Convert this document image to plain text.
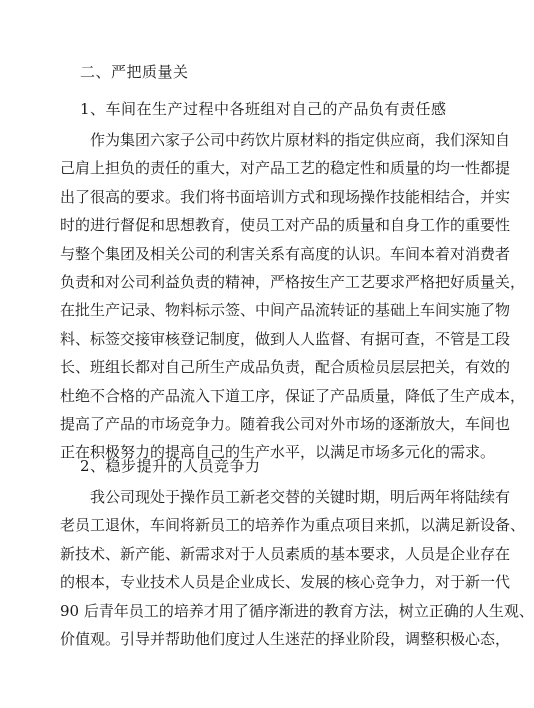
二、严把质量关
1、车间在生产过程中各班组对自己的产品负有责任感
作为集团六家子公司中药饮片原材料的指定供应商，我们深知自
己肩上担负的责任的重大，对产品工艺的稳定性和质量的均一性都提
出了很高的要求。我们将书面培训方式和现场操作技能相结合，并实
时的进行督促和思想教育，使员工对产品的质量和自身工作的重要性
与整个集团及相关公司的利害关系有高度的认识。车间本着对消费者
负责和对公司利益负责的精神，严格按生产工艺要求严格把好质量关，
在批生产记录、物料标示签、中间产品流转证的基础上车间实施了物
料、标签交接审核登记制度，做到人人监督、有据可查，不管是工段
长、班组长都对自己所生产成品负责，配合质检员层层把关，有效的
杜绝不合格的产品流入下道工序，保证了产品质量，降低了生产成本，
提高了产品的市场竞争力。随着我公司对外市场的逐渐放大，车间也
正在积极努力的提高自己的生产水平，以满足市场多元化的需求。
2、稳步提升的人员竞争力
我公司现处于操作员工新老交替的关键时期，明后两年将陆续有
老员工退休，车间将新员工的培养作为重点项目来抓，以满足新设备、
新技术、新产能、新需求对于人员素质的基本要求，人员是企业存在
的根本，专业技术人员是企业成长、发展的核心竞争力，对于新一代
90 后青年员工的培养才用了循序渐进的教育方法，树立正确的人生观、
价值观。引导并帮助他们度过人生迷茫的择业阶段，调整积极心态，
